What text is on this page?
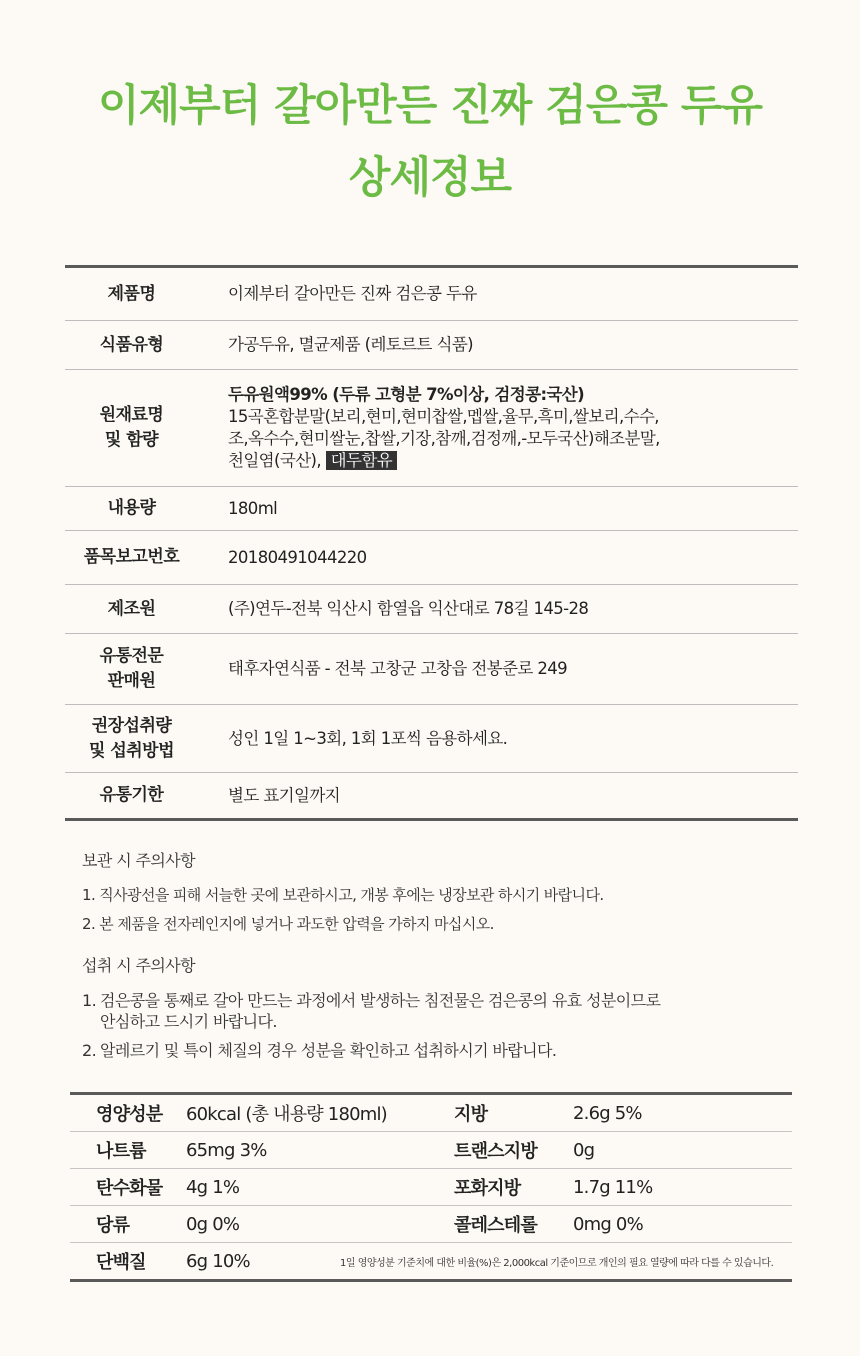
이제부터 갈아만든 진짜 검은콩 두유
상세정보
제품명	이제부터 갈아만든 진짜 검은콩 두유
식품유형	가공두유, 멸균제품 (레토르트 식품)
원재료명
및 함량
두유원액99% (두류 고형분 7%이상, 검정콩:국산)
15곡혼합분말(보리,현미,현미찹쌀,멥쌀,율무,흑미,쌀보리,수수,
조,옥수수,현미쌀눈,찹쌀,기장,참깨,검정깨,-모두국산)해조분말,
천일염(국산), 대두함유
내용량	180ml
품목보고번호	20180491044220
제조원	(주)연두-전북 익산시 함열읍 익산대로 78길 145-28
유통전문
판매원
태후자연식품 - 전북 고창군 고창읍 전봉준로 249
권장섭취량
및 섭취방법
성인 1일 1~3회, 1회 1포씩 음용하세요.
유통기한	별도 표기일까지
보관 시 주의사항
1. 직사광선을 피해 서늘한 곳에 보관하시고, 개봉 후에는 냉장보관 하시기 바랍니다.
2. 본 제품을 전자레인지에 넣거나 과도한 압력을 가하지 마십시오.
섭취 시 주의사항
1. 검은콩을 통째로 갈아 만드는 과정에서 발생하는 침전물은 검은콩의 유효 성분이므로
안심하고 드시기 바랍니다.
2. 알레르기 및 특이 체질의 경우 성분을 확인하고 섭취하시기 바랍니다.
영양성분 60kcal (총 내용량 180ml)	지방	2.6g 5%
나트륨 65mg 3%	트랜스지방 0g
탄수화물 4g 1%	포화지방	1.7g 11%
당류	0g 0%	콜레스테롤 0mg 0%
단백질 6g 10%	1일 영양성분 기준치에 대한 비율(%)은 2,000kcal 기준이므로 개인의 필요 열량에 따라 다를 수 있습니다.
